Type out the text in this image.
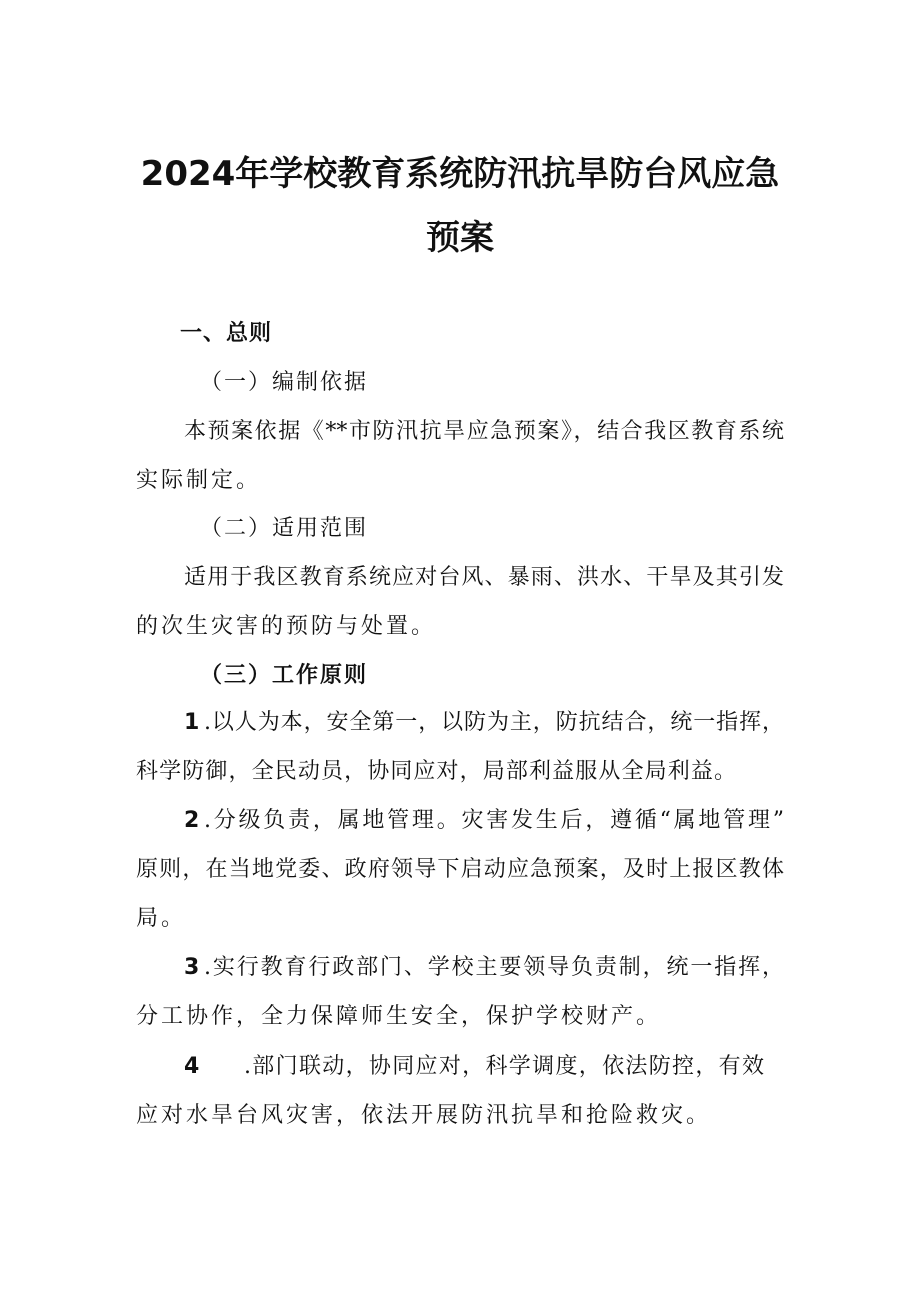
2024年学校教育系统防汛抗旱防台风应急
预案
一、总则
（一）编制依据
本预案依据《**市防汛抗旱应急预案》，结合我区教育系统
实际制定。
（二）适用范围
适用于我区教育系统应对台风、暴雨、洪水、干旱及其引发
的次生灾害的预防与处置。
（三）工作原则
1 .以人为本，安全第一，以防为主，防抗结合，统一指挥，
科学防御，全民动员，协同应对，局部利益服从全局利益。
2 .分级负责，属地管理。灾害发生后，遵循“属地管理”
原则，在当地党委、政府领导下启动应急预案，及时上报区教体
局。
3 .实行教育行政部门、学校主要领导负责制，统一指挥，
分工协作，全力保障师生安全，保护学校财产。
4 .部门联动，协同应对，科学调度，依法防控，有效
应对水旱台风灾害，依法开展防汛抗旱和抢险救灾。
